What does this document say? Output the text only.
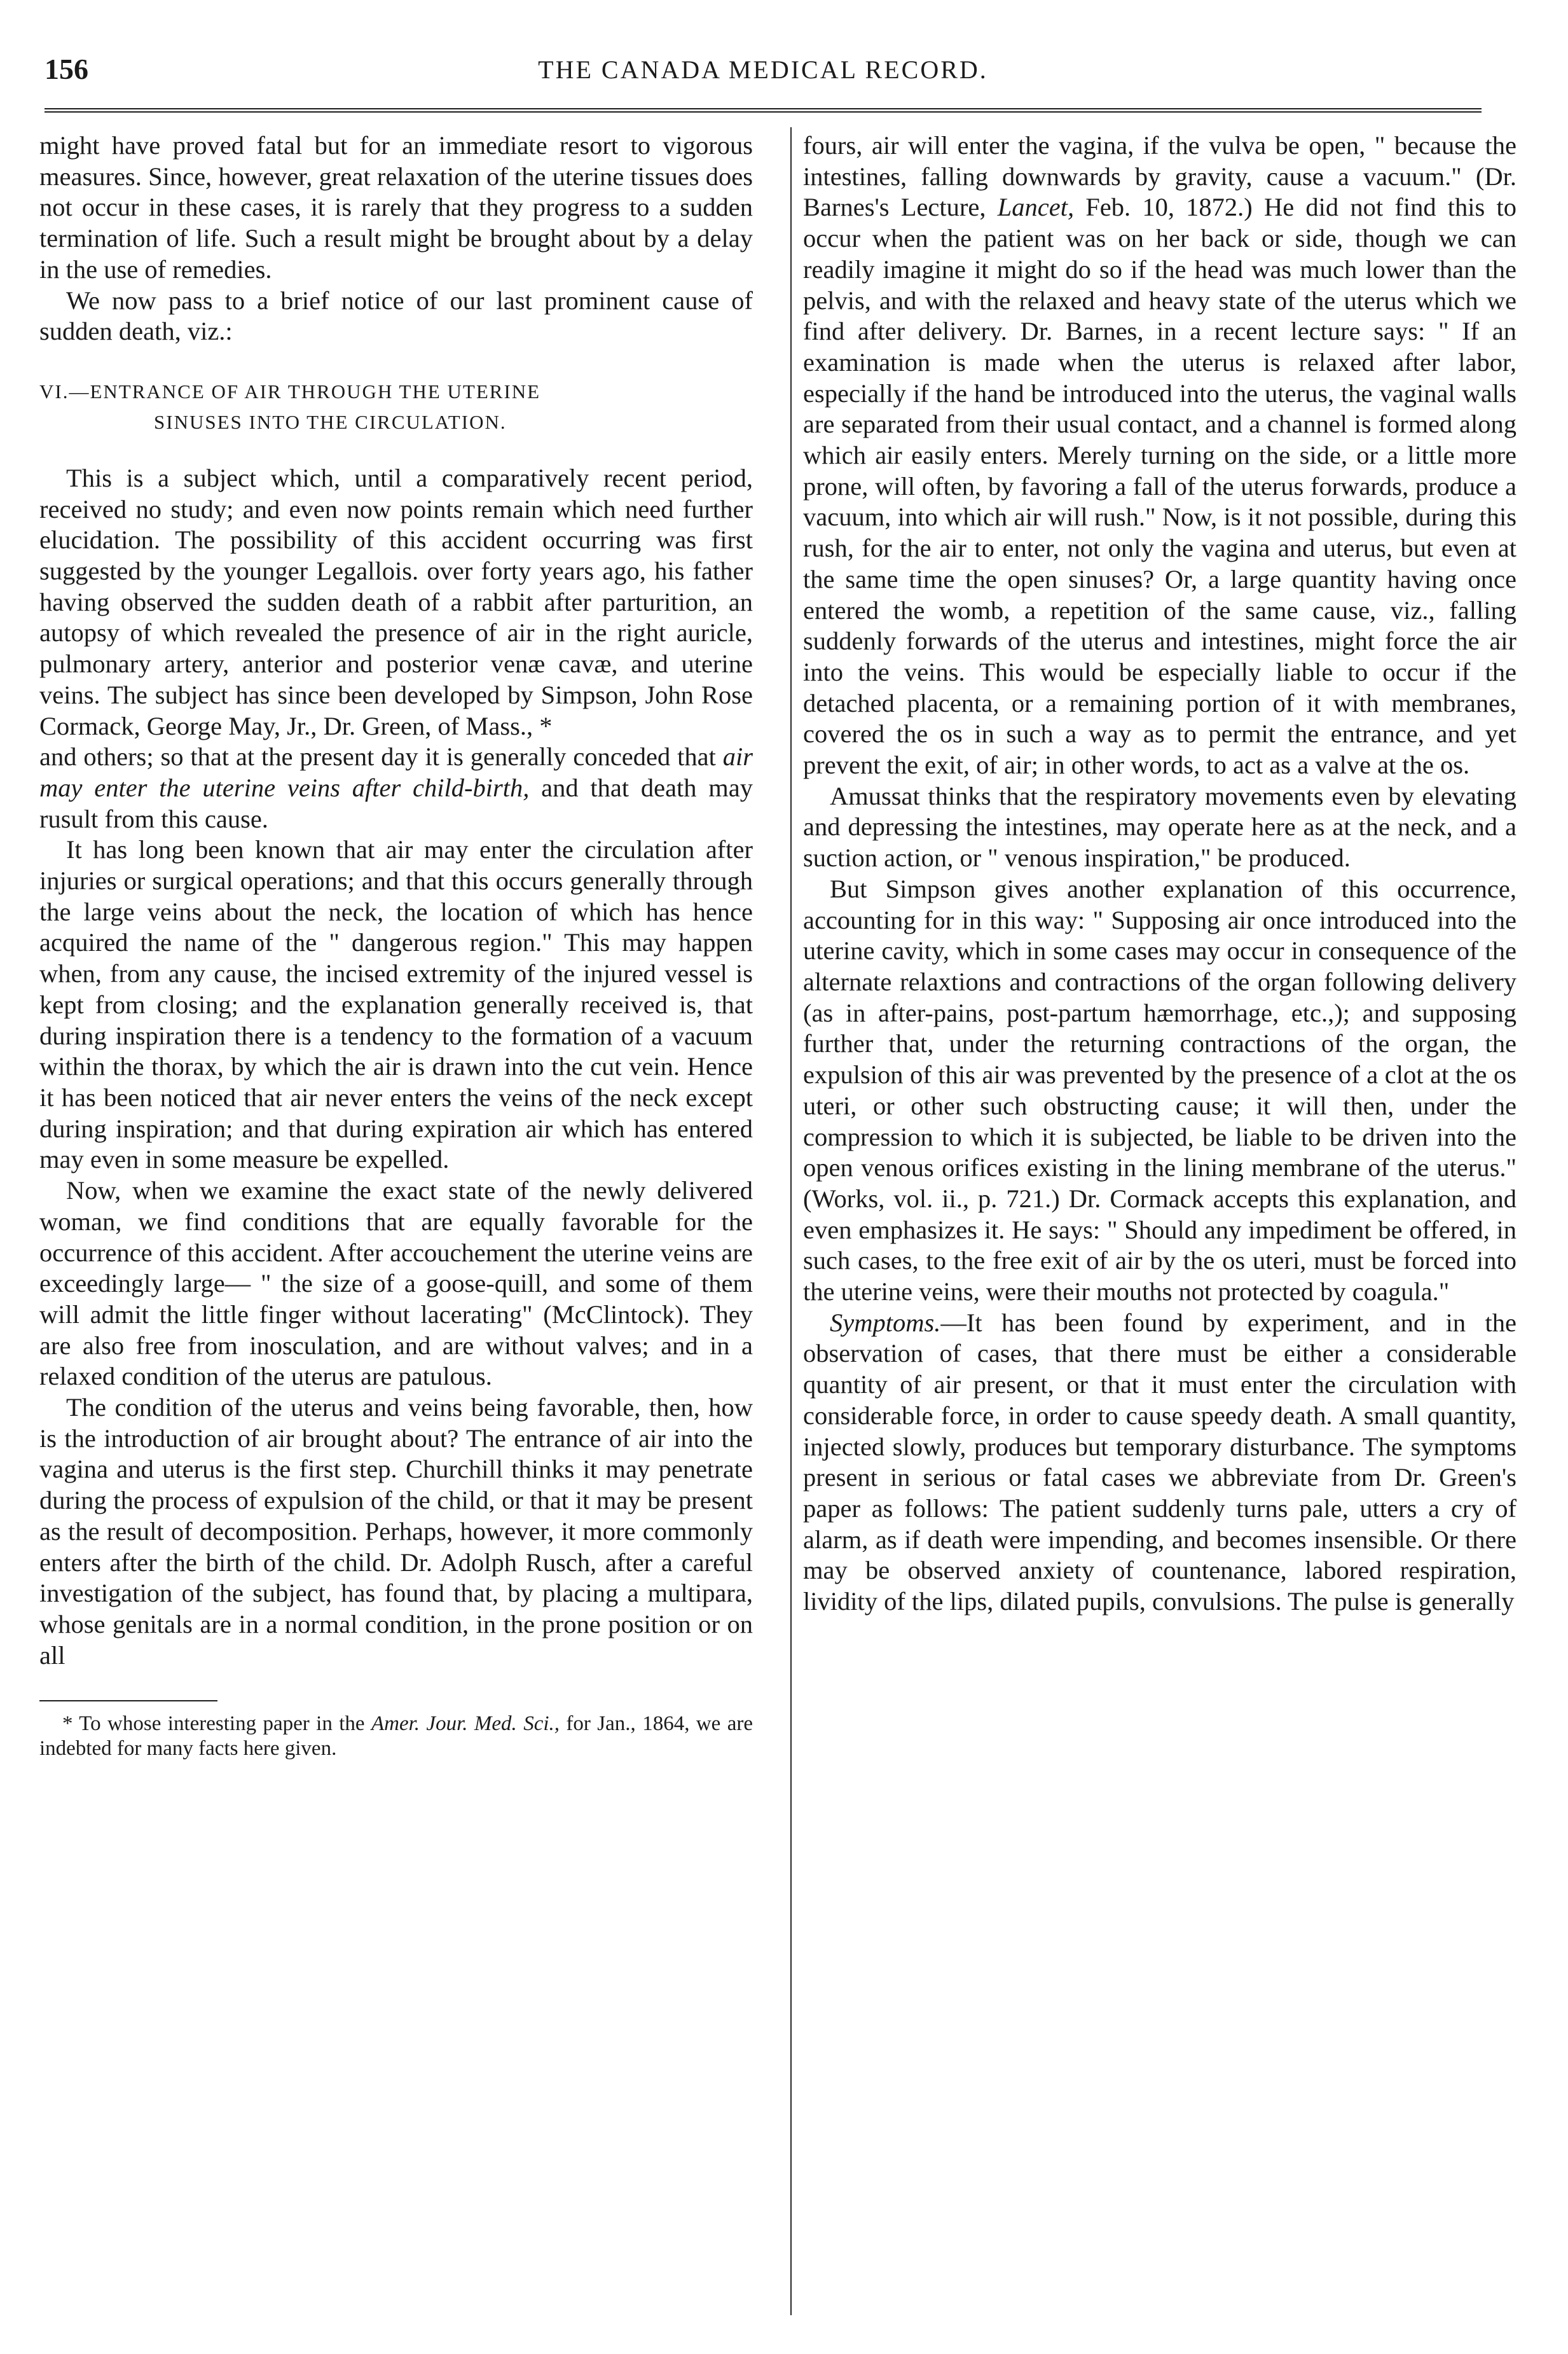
156	THE CANADA MEDICAL RECORD.

might have proved fatal but for an immediate resort to vigorous measures. Since, however, great relaxation of the uterine tissues does not occur in these cases, it is rarely that they progress to a sudden termination of life. Such a result might be brought about by a delay in the use of remedies.

We now pass to a brief notice of our last prominent cause of sudden death, viz.:

VI.—ENTRANCE OF AIR THROUGH THE UTERINE
SINUSES INTO THE CIRCULATION.

This is a subject which, until a comparatively recent period, received no study; and even now points remain which need further elucidation. The possibility of this accident occurring was first suggested by the younger Legallois. over forty years ago, his father having observed the sudden death of a rabbit after parturition, an autopsy of which revealed the presence of air in the right auricle, pulmonary artery, anterior and posterior venæ cavæ, and uterine veins. The subject has since been developed by Simpson, John Rose Cormack, George May, Jr., Dr. Green, of Mass., *

and others; so that at the present day it is generally conceded that air may enter the uterine veins after child-birth, and that death may rusult from this cause.

It has long been known that air may enter the circulation after injuries or surgical operations; and that this occurs generally through the large veins about the neck, the location of which has hence acquired the name of the " dangerous region." This may happen when, from any cause, the incised extremity of the injured vessel is kept from closing; and the explanation generally received is, that during inspiration there is a tendency to the formation of a vacuum within the thorax, by which the air is drawn into the cut vein. Hence it has been noticed that air never enters the veins of the neck except during inspiration; and that during expiration air which has entered may even in some measure be expelled.

Now, when we examine the exact state of the newly delivered woman, we find conditions that are equally favorable for the occurrence of this accident. After accouchement the uterine veins are exceedingly large— " the size of a goose-quill, and some of them will admit the little finger without lacerating" (McClintock). They are also free from inosculation, and are without valves; and in a relaxed condition of the uterus are patulous.

The condition of the uterus and veins being favorable, then, how is the introduction of air brought about? The entrance of air into the vagina and uterus is the first step. Churchill thinks it may penetrate during the process of expulsion of the child, or that it may be present as the result of decomposition. Perhaps, however, it more commonly enters after the birth of the child. Dr. Adolph Rusch, after a careful investigation of the subject, has found that, by placing a multipara, whose genitals are in a normal condition, in the prone position or on all

* To whose interesting paper in the Amer. Jour. Med. Sci., for Jan., 1864, we are indebted for many facts here given.

fours, air will enter the vagina, if the vulva be open, " because the intestines, falling downwards by gravity, cause a vacuum." (Dr. Barnes's Lecture, Lancet, Feb. 10, 1872.) He did not find this to occur when the patient was on her back or side, though we can readily imagine it might do so if the head was much lower than the pelvis, and with the relaxed and heavy state of the uterus which we find after delivery. Dr. Barnes, in a recent lecture says: " If an examination is made when the uterus is relaxed after labor, especially if the hand be introduced into the uterus, the vaginal walls are separated from their usual contact, and a channel is formed along which air easily enters. Merely turning on the side, or a little more prone, will often, by favoring a fall of the uterus forwards, produce a vacuum, into which air will rush." Now, is it not possible, during this rush, for the air to enter, not only the vagina and uterus, but even at the same time the open sinuses? Or, a large quantity having once entered the womb, a repetition of the same cause, viz., falling suddenly forwards of the uterus and intestines, might force the air into the veins. This would be especially liable to occur if the detached placenta, or a remaining portion of it with membranes, covered the os in such a way as to permit the entrance, and yet prevent the exit, of air; in other words, to act as a valve at the os.

Amussat thinks that the respiratory movements even by elevating and depressing the intestines, may operate here as at the neck, and a suction action, or " venous inspiration," be produced.

But Simpson gives another explanation of this occurrence, accounting for in this way: " Supposing air once introduced into the uterine cavity, which in some cases may occur in consequence of the alternate relaxtions and contractions of the organ following delivery (as in after-pains, post-partum hæmorrhage, etc.,); and supposing further that, under the returning contractions of the organ, the expulsion of this air was prevented by the presence of a clot at the os uteri, or other such obstructing cause; it will then, under the compression to which it is subjected, be liable to be driven into the open venous orifices existing in the lining membrane of the uterus." (Works, vol. ii., p. 721.) Dr. Cormack accepts this explanation, and even emphasizes it. He says: " Should any impediment be offered, in such cases, to the free exit of air by the os uteri, must be forced into the uterine veins, were their mouths not protected by coagula."

Symptoms.—It has been found by experiment, and in the observation of cases, that there must be either a considerable quantity of air present, or that it must enter the circulation with considerable force, in order to cause speedy death. A small quantity, injected slowly, produces but temporary disturbance. The symptoms present in serious or fatal cases we abbreviate from Dr. Green's paper as follows: The patient suddenly turns pale, utters a cry of alarm, as if death were impending, and becomes insensible. Or there may be observed anxiety of countenance, labored respiration, lividity of the lips, dilated pupils, convulsions. The pulse is generally
